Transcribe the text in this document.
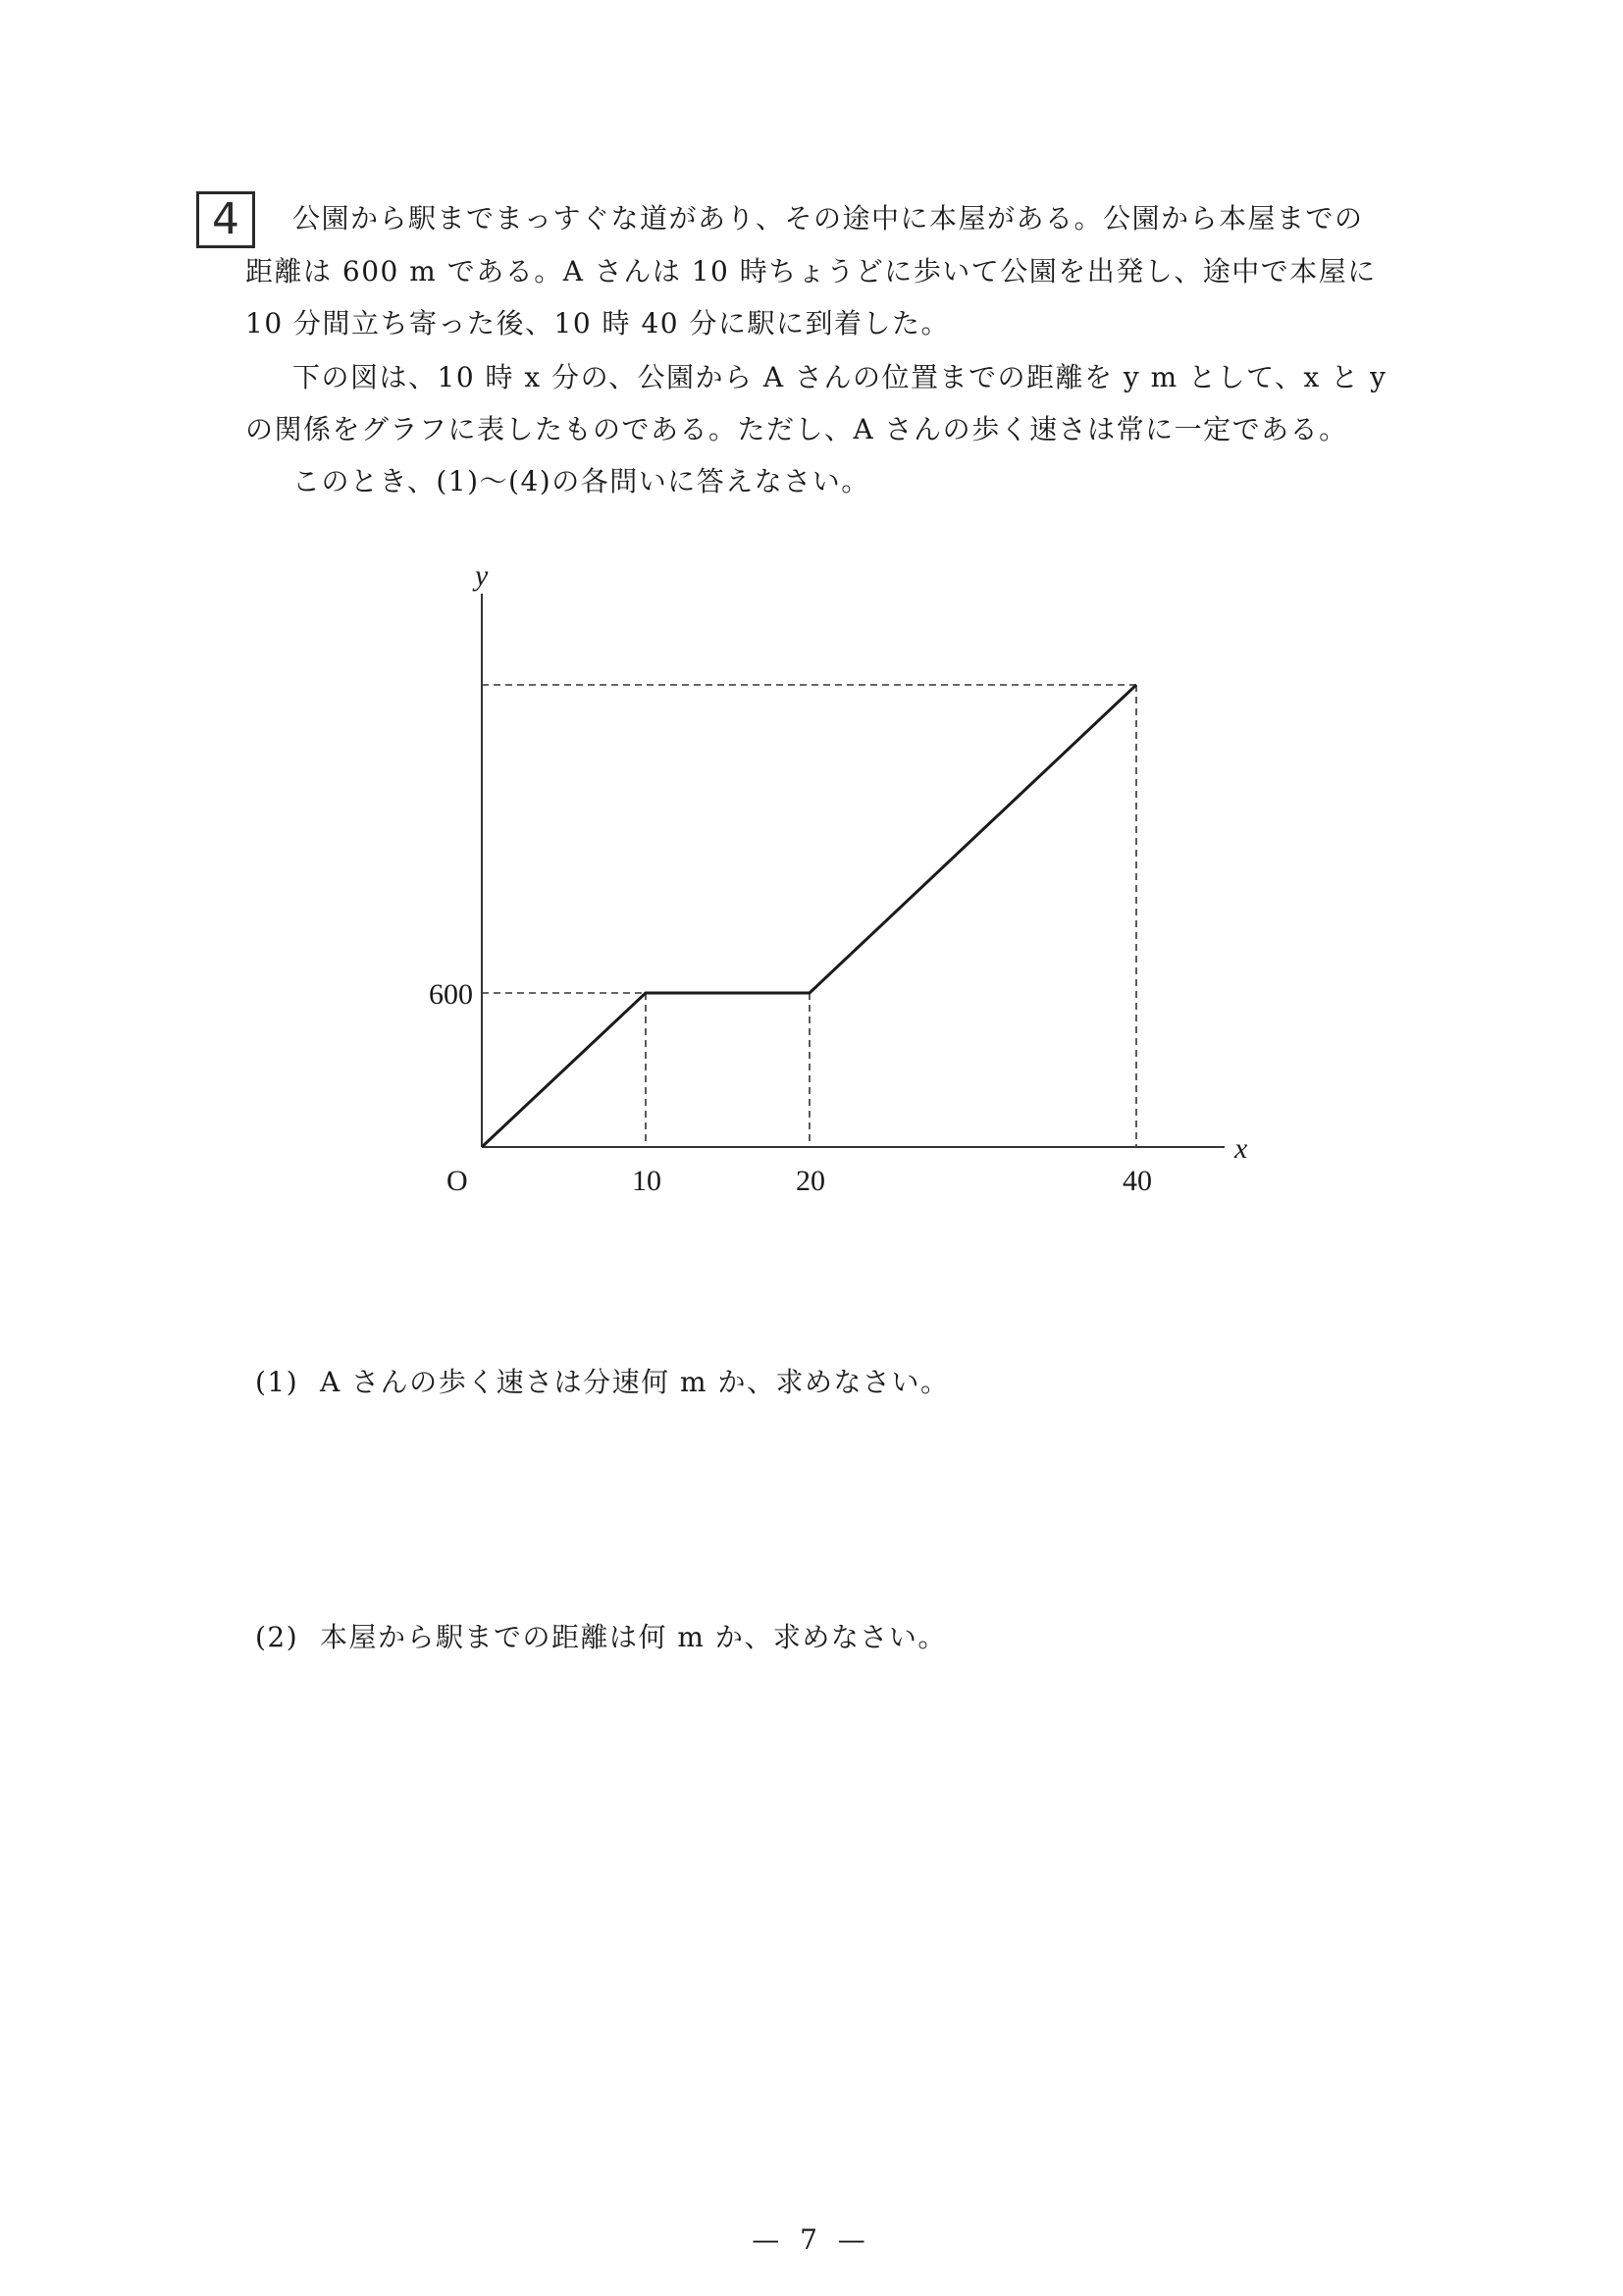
4 公園から駅までまっすぐな道があり、その途中に本屋がある。公園から本屋までの
距離は 600 m である。A さんは 10 時ちょうどに歩いて公園を出発し、途中で本屋に
10 分間立ち寄った後、10 時 40 分に駅に到着した。
下の図は、10 時 x 分の、公園から A さんの位置までの距離を y m として、x と y
の関係をグラフに表したものである。ただし、A さんの歩く速さは常に一定である。
このとき、(1)〜(4)の各問いに答えなさい。
y
x
O
600
10	20	40
(1) A さんの歩く速さは分速何 m か、求めなさい。
(2) 本屋から駅までの距離は何 m か、求めなさい。
— 7 —
